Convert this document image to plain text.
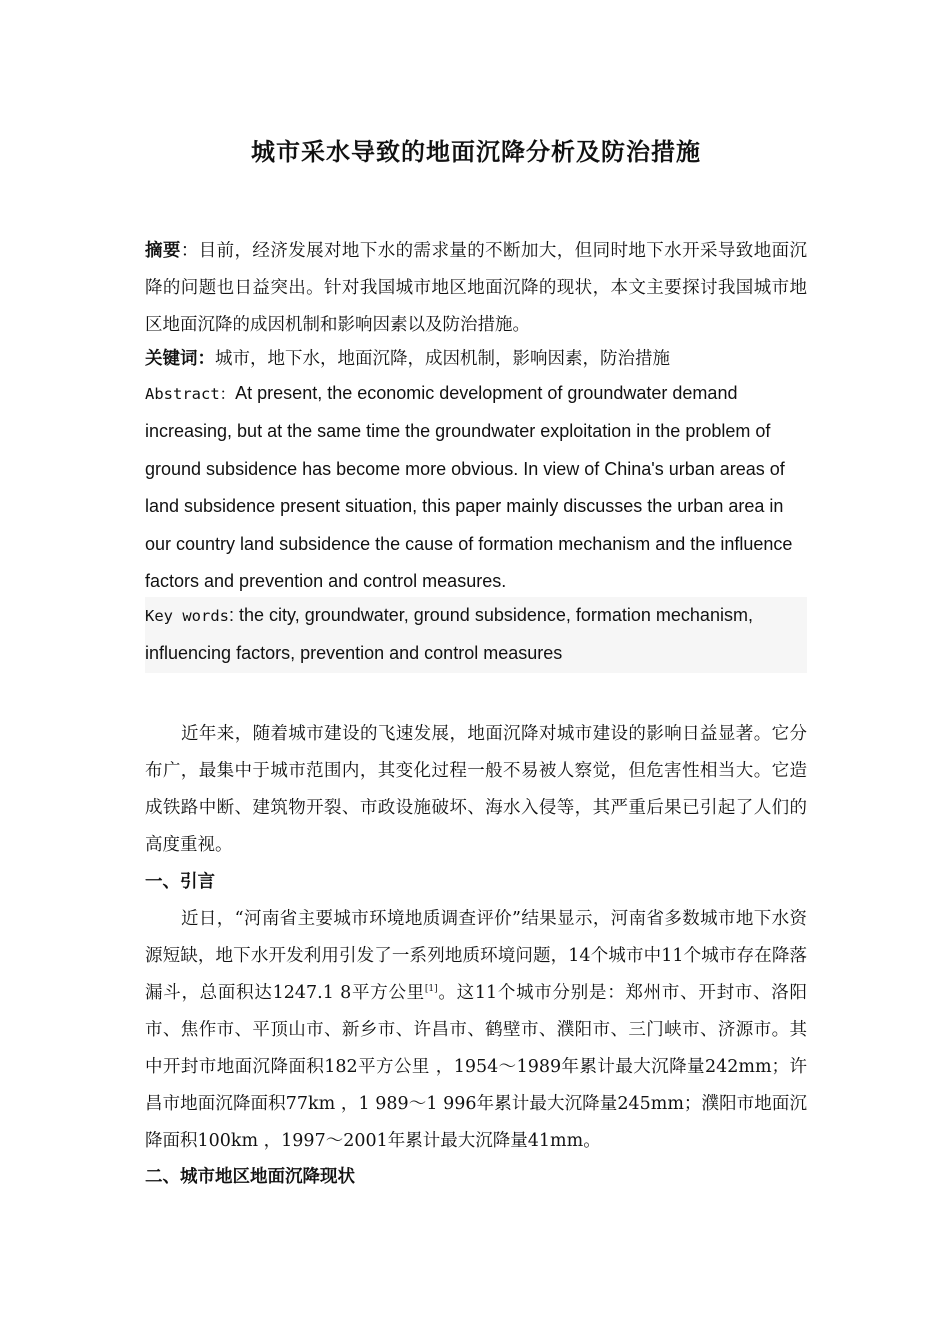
城市采水导致的地面沉降分析及防治措施
摘要：目前，经济发展对地下水的需求量的不断加大，但同时地下水开采导致地面沉降的问题也日益突出。针对我国城市地区地面沉降的现状，本文主要探讨我国城市地区地面沉降的成因机制和影响因素以及防治措施。
关键词：城市，地下水，地面沉降，成因机制，影响因素，防治措施
Abstract：At present, the economic development of groundwater demand increasing, but at the same time the groundwater exploitation in the problem of ground subsidence has become more obvious. In view of China's urban areas of land subsidence present situation, this paper mainly discusses the urban area in our country land subsidence the cause of formation mechanism and the influence factors and prevention and control measures.
Key words: the city, groundwater, ground subsidence, formation mechanism, influencing factors, prevention and control measures
近年来，随着城市建设的飞速发展，地面沉降对城市建设的影响日益显著。它分布广，最集中于城市范围内，其变化过程一般不易被人察觉，但危害性相当大。它造成铁路中断、建筑物开裂、市政设施破坏、海水入侵等，其严重后果已引起了人们的高度重视。
一、引言
近日，“河南省主要城市环境地质调查评价”结果显示，河南省多数城市地下水资源短缺，地下水开发利用引发了一系列地质环境问题，14个城市中11个城市存在降落漏斗，总面积达1247.1 8平方公里[1]。这11个城市分别是：郑州市、开封市、洛阳市、焦作市、平顶山市、新乡市、许昌市、鹤壁市、濮阳市、三门峡市、济源市。其中开封市地面沉降面积182平方公里 ，1954～1989年累计最大沉降量242mm；许昌市地面沉降面积77km ，1 989～1 996年累计最大沉降量245mm；濮阳市地面沉降面积100km ，1997～2001年累计最大沉降量41mm。
二、城市地区地面沉降现状
